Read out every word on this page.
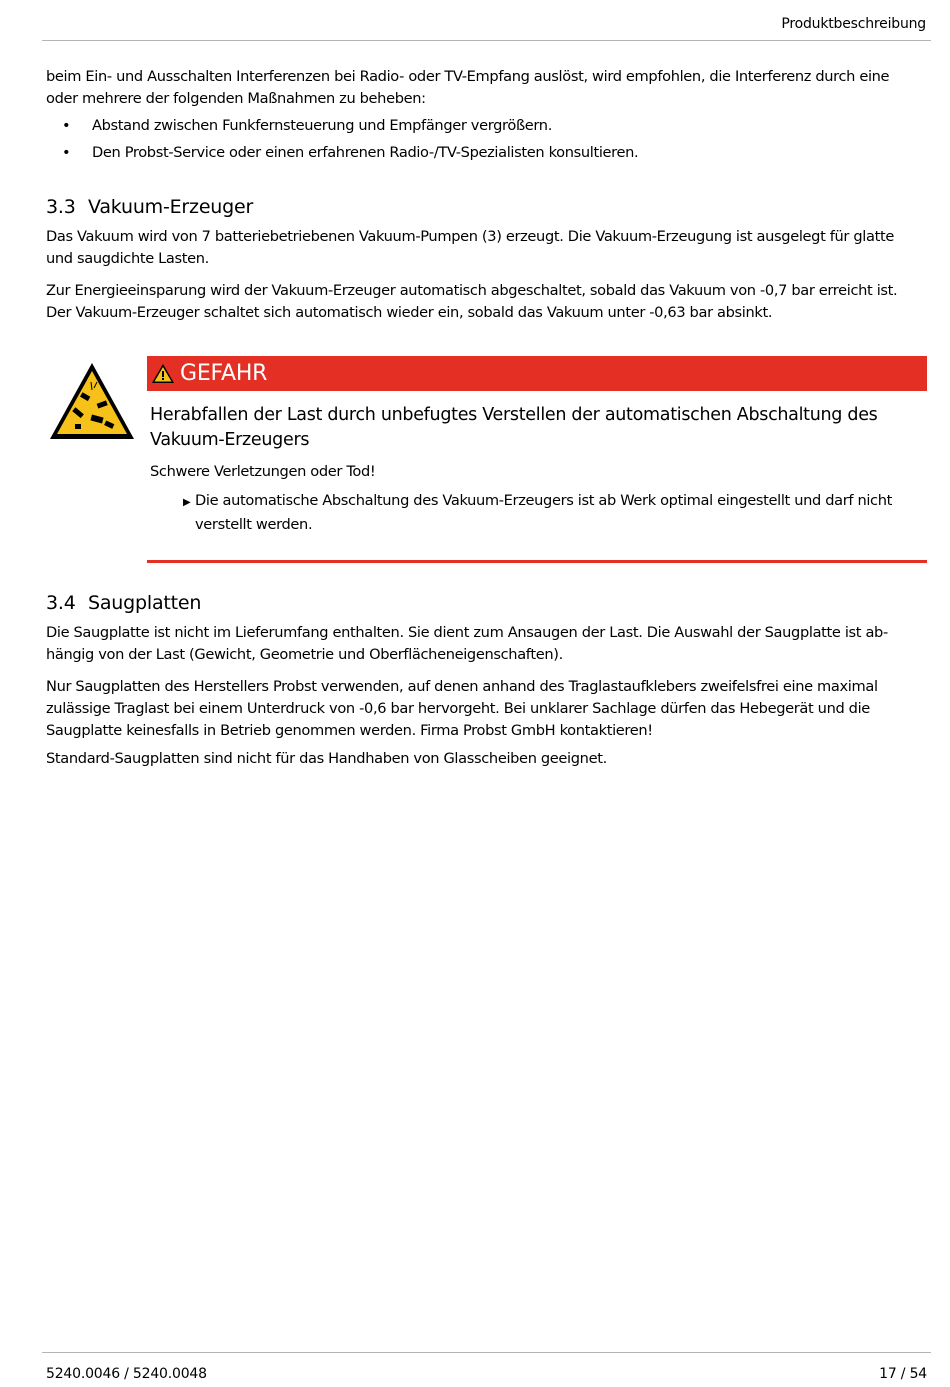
Produktbeschreibung

beim Ein- und Ausschalten Interferenzen bei Radio- oder TV-Empfang auslöst, wird empfohlen, die Interferenz durch eine oder mehrere der folgenden Maßnahmen zu beheben:

• Abstand zwischen Funkfernsteuerung und Empfänger vergrößern.
• Den Probst-Service oder einen erfahrenen Radio-/TV-Spezialisten konsultieren.
3.3 Vakuum-Erzeuger

Das Vakuum wird von 7 batteriebetriebenen Vakuum-Pumpen (3) erzeugt. Die Vakuum-Erzeugung ist ausgelegt für glatte und saugdichte Lasten.

Zur Energieeinsparung wird der Vakuum-Erzeuger automatisch abgeschaltet, sobald das Vakuum von -0,7 bar erreicht ist. Der Vakuum-Erzeuger schaltet sich automatisch wieder ein, sobald das Vakuum unter -0,63 bar absinkt.

GEFAHR
Herabfallen der Last durch unbefugtes Verstellen der automatischen Abschaltung des Vakuum-Erzeugers
Schwere Verletzungen oder Tod!
▶ Die automatische Abschaltung des Vakuum-Erzeugers ist ab Werk optimal eingestellt und darf nicht verstellt werden.
3.4 Saugplatten

Die Saugplatte ist nicht im Lieferumfang enthalten. Sie dient zum Ansaugen der Last. Die Auswahl der Saugplatte ist abhängig von der Last (Gewicht, Geometrie und Oberflächeneigenschaften).

Nur Saugplatten des Herstellers Probst verwenden, auf denen anhand des Traglastaufklebers zweifelsfrei eine maximal zulässige Traglast bei einem Unterdruck von -0,6 bar hervorgeht. Bei unklarer Sachlage dürfen das Hebegerät und die Saugplatte keinesfalls in Betrieb genommen werden. Firma Probst GmbH kontaktieren!

Standard-Saugplatten sind nicht für das Handhaben von Glasscheiben geeignet.

5240.0046 / 5240.0048	17 / 54
